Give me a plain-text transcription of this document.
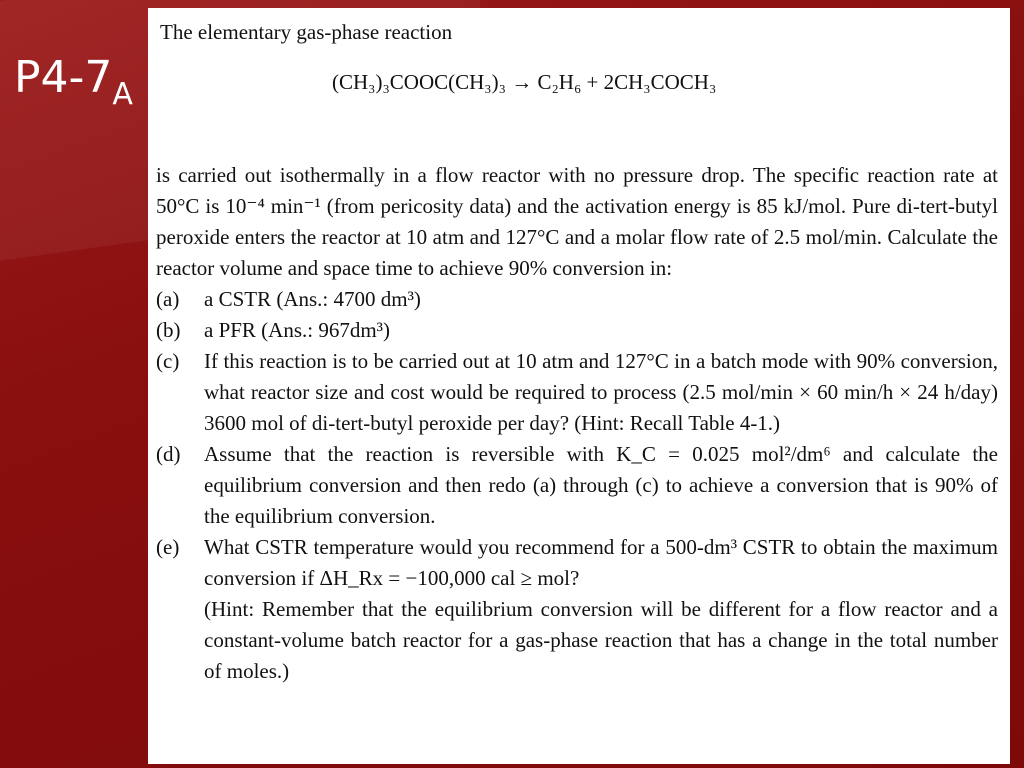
$P4-7_A$
The elementary gas-phase reaction
(CH₃)₃COOC(CH₃)₃ → C₂H₆ + 2CH₃COCH₃
is carried out isothermally in a flow reactor with no pressure drop. The specific reaction rate at 50°C is 10⁻⁴ min⁻¹ (from pericosity data) and the activation energy is 85 kJ/mol. Pure di-tert-butyl peroxide enters the reactor at 10 atm and 127°C and a molar flow rate of 2.5 mol/min. Calculate the reactor volume and space time to achieve 90% conversion in:
(a) a CSTR (Ans.: 4700 dm³)
(b) a PFR (Ans.: 967dm³)
(c) If this reaction is to be carried out at 10 atm and 127°C in a batch mode with 90% conversion, what reactor size and cost would be required to process (2.5 mol/min × 60 min/h × 24 h/day) 3600 mol of di-tert-butyl peroxide per day? (Hint: Recall Table 4-1.)
(d) Assume that the reaction is reversible with K_C = 0.025 mol²/dm⁶ and calculate the equilibrium conversion and then redo (a) through (c) to achieve a conversion that is 90% of the equilibrium conversion.
(e) What CSTR temperature would you recommend for a 500-dm³ CSTR to obtain the maximum conversion if ΔH_Rx = −100,000 cal ≥ mol?
(Hint: Remember that the equilibrium conversion will be different for a flow reactor and a constant-volume batch reactor for a gas-phase reaction that has a change in the total number of moles.)
